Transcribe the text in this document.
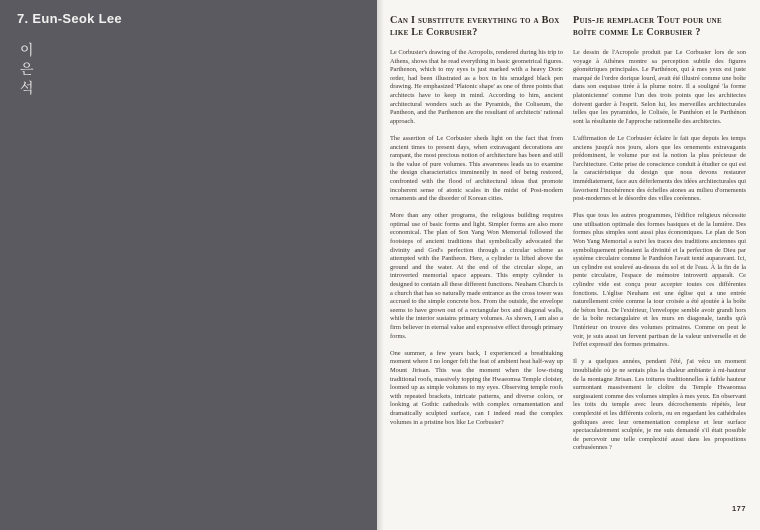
7. Eun-Seok Lee
이
은
석
Can I substitute everything to a Box like Le Corbusier?

Le Corbusier's drawing of the Acropolis, rendered during his trip to Athens, shows that he read everything in basic geometrical figures. Parthenon, which to my eyes is just marked with a heavy Doric order, had been illustrated as a box in his smudged black pen drawing. He emphasized 'Platonic shape' as one of three points that architects have to keep in mind. According to him, ancient architectural wonders such as the Pyramids, the Coliseum, the Pantheon, and the Parthenon are the resultant of architects' rational approach.

The assertion of Le Corbusier sheds light on the fact that from ancient times to present days, when extravagant decorations are rampant, the most precious notion of architecture has been and still is the value of pure volumes. This awareness leads us to examine the design characteristics imminently in need of being restored, confronted with the flood of architectural ideas that promote incoherent sense of atonic scales in the midst of Post-modern ornaments and the disorder of Korean cities.

More than any other programs, the religious building requires optimal use of basic forms and light. Simpler forms are also more economical. The plan of Son Yang Won Memorial followed the footsteps of ancient traditions that symbolically advocated the divinity and God's perfection through a circular scheme as attempted with the Pantheon. Here, a cylinder is lifted above the ground and the water. At the end of the circular slope, an introverted memorial space appears. This empty cylinder is designed to contain all these different functions. Neuham Church is a church that has so naturally made entrance as the cross tower was accrued to the simple concrete box. From the outside, the envelope seems to have grown out of a rectangular box and diagonal walls, while the interior sustains primary volumes. As shown, I am also a firm believer in eternal value and expressive effect through primary forms.

One summer, a few years back, I experienced a breathtaking moment where I no longer felt the feat of ambient heat half-way up Mount Jirisan. This was the moment when the low-rising traditional roofs, massively topping the Hwaeomsa Temple cloister, loomed up as simple volumes to my eyes. Observing temple roofs with repeated brackets, intricate patterns, and diverse colors, or looking at Gothic cathedrals with complex ornamentation and dramatically sculpted surface, can I indeed read the complex volumes in a pristine box like Le Corbusier?

Puis-je remplacer Tout pour une boîte comme Le Corbusier ?

Le dessin de l'Acropole produit par Le Corbusier lors de son voyage à Athènes montre sa perception subtile des figures géométriques principales. Le Parthénon, qui à mes yeux est juste marqué de l'ordre dorique lourd, avait été illustré comme une boîte dans son esquisse tirée à la plume noire. Il a souligné 'la forme platonicienne' comme l'un des trois points que les architectes doivent garder à l'esprit. Selon lui, les merveilles architecturales telles que les pyramides, le Colisée, le Panthéon et le Parthénon sont la résultante de l'approche rationnelle des architectes.

L'affirmation de Le Corbusier éclaire le fait que depuis les temps anciens jusqu'à nos jours, alors que les ornements extravagants prédominent, le volume pur est la notion la plus précieuse de l'architecture. Cette prise de conscience conduit à étudier ce qui est la caractéristique du design que nous devons restaurer immédiatement, face aux déferlements des idées architecturales qui favorisent l'incohérence des échelles atones au milieu d'ornements post-modernes et le désordre des villes coréennes.

Plus que tous les autres programmes, l'édifice religieux nécessite une utilisation optimale des formes basiques et de la lumière. Des formes plus simples sont aussi plus économiques. Le plan de Son Won Yang Memorial a suivi les traces des traditions anciennes qui symboliquement prônaient la divinité et la perfection de Dieu par système circulaire comme le Panthéon l'avait tenté auparavant. Ici, un cylindre est soulevé au-dessus du sol et de l'eau. À la fin de la pente circulaire, l'espace de mémoire introverti apparaît. Ce cylindre vide est conçu pour accepter toutes ces différentes fonctions. L'église Neuham est une église qui a une entrée naturellement créée comme la tour croisée a été ajoutée à la boîte de béton brut. De l'extérieur, l'enveloppe semble avoir grandi hors de la boîte rectangulaire et les murs en diagonale, tandis qu'à l'intérieur on trouve des volumes primaires. Comme on peut le voir, je suis aussi un fervent partisan de la valeur universelle et de l'effet expressif des formes primaires.

Il y a quelques années, pendant l'été, j'ai vécu un moment inoubliable où je ne sentais plus la chaleur ambiante à mi-hauteur de la montagne Jirisan. Les toitures traditionnelles à faible hauteur surmontant massivement le cloître du Temple Hwaeomsa surgissaient comme des volumes simples à mes yeux. En observant les toits du temple avec leurs décrochements répétés, leur complexité et les différents coloris, ou en regardant les cathédrales gothiques avec leur ornementation complexe et leur surface spectaculairement sculptée, je me suis demandé s'il était possible de percevoir une telle complexité aussi dans les propositions corbuséennes ?

177
